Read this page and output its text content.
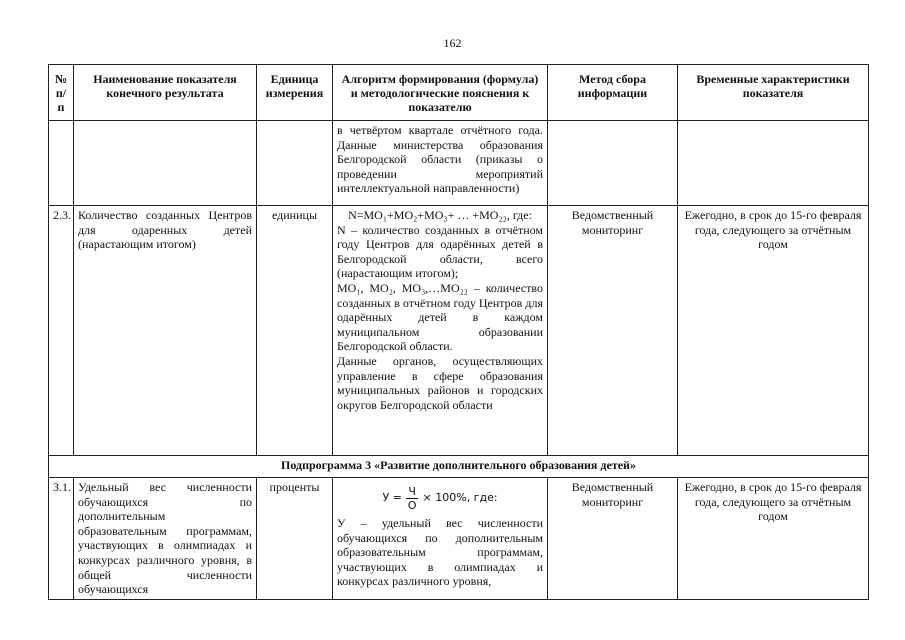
162
№ п/п	Наименование показателя конечного результата	Единица измерения	Алгоритм формирования (формула) и методологические пояснения к показателю	Метод сбора информации	Временные характеристики показателя
			в четвёртом квартале отчётного года. Данные министерства образования Белгородской области (приказы о проведении мероприятий интеллектуальной направленности)		
2.3.	Количество созданных Центров для одаренных детей (нарастающим итогом)	единицы	N=MO₁+MO₂+MO₃+ … +MO₂₂, где:
N – количество созданных в отчётном году Центров для одарённых детей в Белгородской области, всего (нарастающим итогом);
MO₁, MO₂, MO₃,…MO₂₂ – количество созданных в отчётном году Центров для одарённых детей в каждом муниципальном образовании Белгородской области.
Данные органов, осуществляющих управление в сфере образования муниципальных районов и городских округов Белгородской области	Ведомственный мониторинг	Ежегодно, в срок до 15-го февраля года, следующего за отчётным годом
Подпрограмма 3 «Развитие дополнительного образования детей»					
3.1.	Удельный вес численности обучающихся по дополнительным образовательным программам, участвующих в олимпиадах и конкурсах различного уровня, в общей численности обучающихся	проценты	$У = \frac{Ч}{О} \times 100\%$, где:
У – удельный вес численности обучающихся по дополнительным образовательным программам, участвующих в олимпиадах и конкурсах различного уровня,	Ведомственный мониторинг	Ежегодно, в срок до 15-го февраля года, следующего за отчётным годом
